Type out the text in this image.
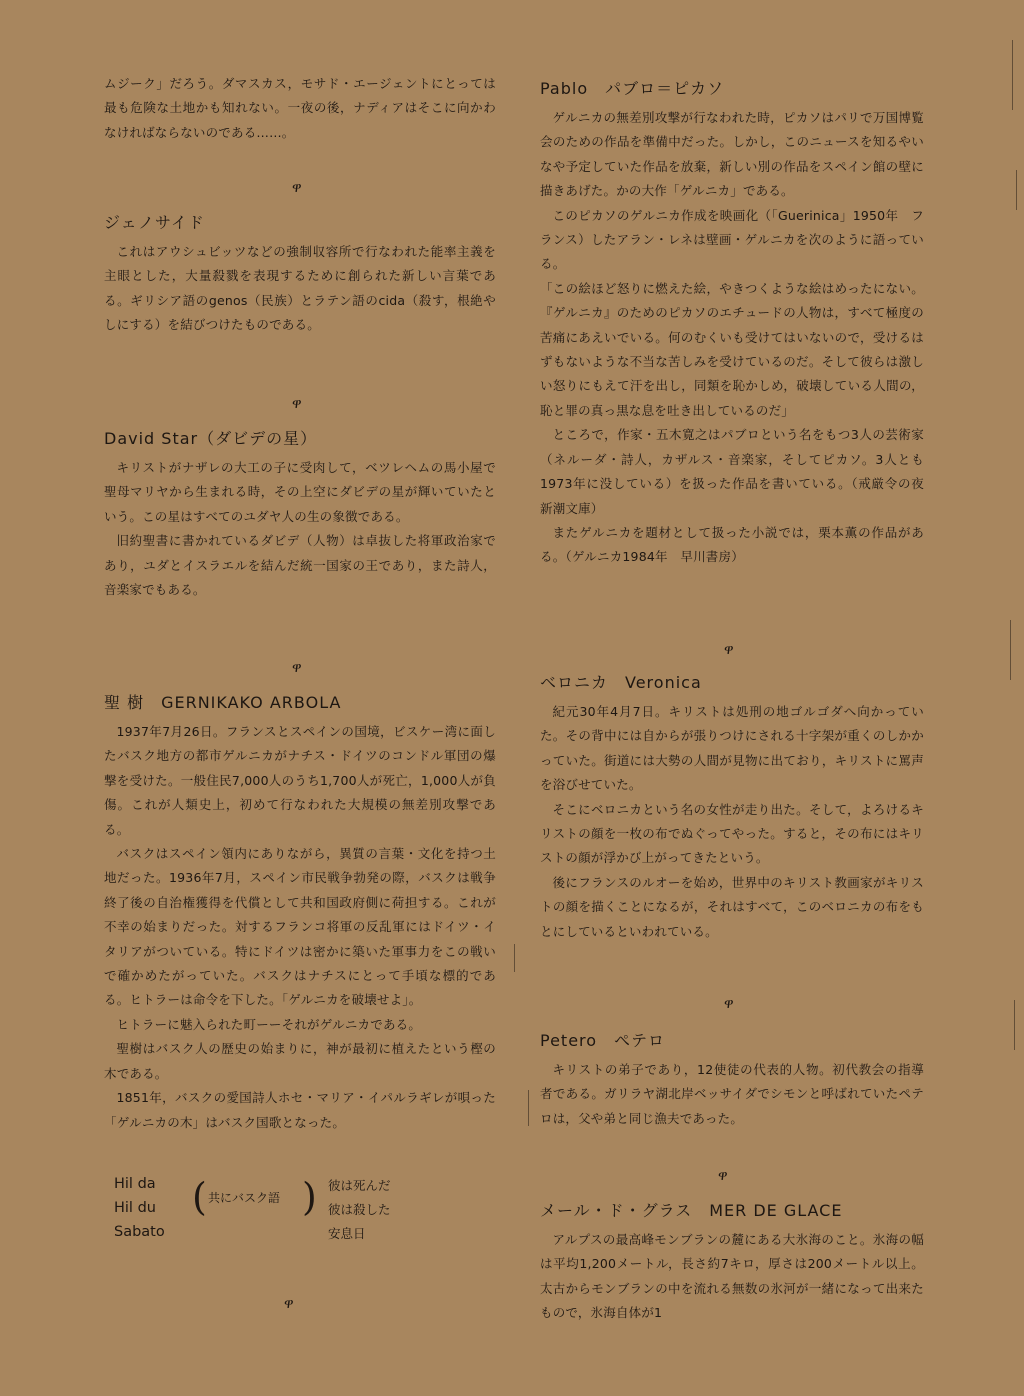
ムジーク」だろう。ダマスカス，モサド・エージェントにとっては最も危険な土地かも知れない。一夜の後，ナディアはそこに向かわなければならないのである……。

ዋ
ジェノサイド

これはアウシュビッツなどの強制収容所で行なわれた能率主義を主眼とした，大量殺戮を表現するために創られた新しい言葉である。ギリシア語のgenos（民族）とラテン語のcida（殺す，根絶やしにする）を結びつけたものである。

ዋ
David Star（ダビデの星）

キリストがナザレの大工の子に受肉して，ベツレヘムの馬小屋で聖母マリヤから生まれる時，その上空にダビデの星が輝いていたという。この星はすべてのユダヤ人の生の象徴である。

旧約聖書に書かれているダビデ（人物）は卓抜した将軍政治家であり，ユダとイスラエルを結んだ統一国家の王であり，また詩人，音楽家でもある。

ዋ
聖 樹　GERNIKAKO ARBOLA

1937年7月26日。フランスとスペインの国境，ビスケー湾に面したバスク地方の都市ゲルニカがナチス・ドイツのコンドル軍団の爆撃を受けた。一般住民7,000人のうち1,700人が死亡，1,000人が負傷。これが人類史上，初めて行なわれた大規模の無差別攻撃である。

バスクはスペイン領内にありながら，異質の言葉・文化を持つ土地だった。1936年7月，スペイン市民戦争勃発の際，バスクは戦争終了後の自治権獲得を代償として共和国政府側に荷担する。これが不幸の始まりだった。対するフランコ将軍の反乱軍にはドイツ・イタリアがついている。特にドイツは密かに築いた軍事力をこの戦いで確かめたがっていた。バスクはナチスにとって手頃な標的である。ヒトラーは命令を下した。「ゲルニカを破壊せよ」。

ヒトラーに魅入られた町ーーそれがゲルニカである。

聖樹はバスク人の歴史の始まりに，神が最初に植えたという樫の木である。

1851年，バスクの愛国詩人ホセ・マリア・イパルラギレが唄った「ゲルニカの木」はバスク国歌となった。

Hil da
Hil du
Sabato
( 共にバスク語 ) 彼は死んだ
彼は殺した
安息日
ዋ
Pablo　パブロ＝ピカソ

ゲルニカの無差別攻撃が行なわれた時，ピカソはパリで万国博覧会のための作品を準備中だった。しかし，このニュースを知るやいなや予定していた作品を放棄，新しい別の作品をスペイン館の壁に描きあげた。かの大作「ゲルニカ」である。

このピカソのゲルニカ作成を映画化（「Guerinica」1950年　フランス）したアラン・レネは壁画・ゲルニカを次のように語っている。

「この絵ほど怒りに燃えた絵，やきつくような絵はめったにない。『ゲルニカ』のためのピカソのエチュードの人物は，すべて極度の苦痛にあえいでいる。何のむくいも受けてはいないので，受けるはずもないような不当な苦しみを受けているのだ。そして彼らは激しい怒りにもえて汗を出し，同類を恥かしめ，破壊している人間の，恥と罪の真っ黒な息を吐き出しているのだ」

ところで，作家・五木寛之はパブロという名をもつ3人の芸術家（ネルーダ・詩人，カザルス・音楽家，そしてピカソ。3人とも1973年に没している）を扱った作品を書いている。（戒厳令の夜　新潮文庫）

またゲルニカを題材として扱った小説では，栗本薫の作品がある。（ゲルニカ1984年　早川書房）

ዋ
ベロニカ　Veronica

紀元30年4月7日。キリストは処刑の地ゴルゴダへ向かっていた。その背中には自からが張りつけにされる十字架が重くのしかかっていた。街道には大勢の人間が見物に出ており，キリストに罵声を浴びせていた。

そこにベロニカという名の女性が走り出た。そして，よろけるキリストの顔を一枚の布でぬぐってやった。すると，その布にはキリストの顔が浮かび上がってきたという。

後にフランスのルオーを始め，世界中のキリスト教画家がキリストの顔を描くことになるが，それはすべて，このベロニカの布をもとにしているといわれている。

ዋ
Petero　ペテロ

キリストの弟子であり，12使徒の代表的人物。初代教会の指導者である。ガリラヤ湖北岸ベッサイダでシモンと呼ばれていたペテロは，父や弟と同じ漁夫であった。

ዋ
メール・ド・グラス　MER DE GLACE

アルプスの最高峰モンブランの麓にある大氷海のこと。氷海の幅は平均1,200メートル，長さ約7キロ，厚さは200メートル以上。太古からモンブランの中を流れる無数の氷河が一緒になって出来たもので，氷海自体が1
